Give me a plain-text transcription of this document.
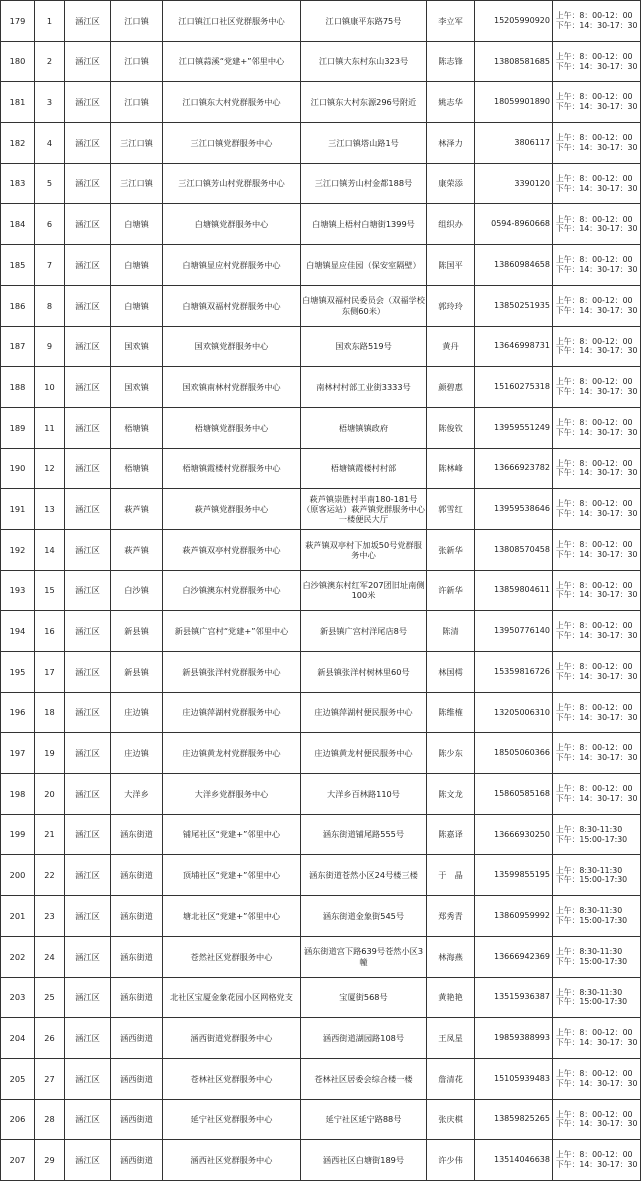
179	1	涵江区	江口镇	江口镇江口社区党群服务中心	江口镇康平东路75号	李立军	15205990920	上午：8：00-12：00
下午：14：30-17：30

180	2	涵江区	江口镇	江口镇蒜溪“党建+”邻里中心	江口镇大东村东山323号	陈志锋	13808581685	上午：8：00-12：00
下午：14：30-17：30

181	3	涵江区	江口镇	江口镇东大村党群服务中心	江口镇东大村东源296号附近	姚志华	18059901890	上午：8：00-12：00
下午：14：30-17：30

182	4	涵江区	三江口镇	三江口镇党群服务中心	三江口镇塔山路1号	林泽力	3806117	上午：8：00-12：00
下午：14：30-17：30

183	5	涵江区	三江口镇	三江口镇芳山村党群服务中心	三江口镇芳山村金都188号	康荣添	3390120	上午：8：00-12：00
下午：14：30-17：30

184	6	涵江区	白塘镇	白塘镇党群服务中心	白塘镇上梧村白塘街1399号	组织办	0594-8960668	上午：8：00-12：00
下午：14：30-17：30

185	7	涵江区	白塘镇	白塘镇显应村党群服务中心	白塘镇显应佳园（保安室隔壁）	陈国平	13860984658	上午：8：00-12：00
下午：14：30-17：30

186	8	涵江区	白塘镇	白塘镇双福村党群服务中心	白塘镇双福村民委员会（双福学校东侧60米）	郭玲玲	13850251935	上午：8：00-12：00
下午：14：30-17：30

187	9	涵江区	国欢镇	国欢镇党群服务中心	国欢东路519号	黄丹	13646998731	上午：8：00-12：00
下午：14：30-17：30

188	10	涵江区	国欢镇	国欢镇南林村党群服务中心	南林村村部工业街3333号	颜碧惠	15160275318	上午：8：00-12：00
下午：14：30-17：30

189	11	涵江区	梧塘镇	梧塘镇党群服务中心	梧塘镇镇政府	陈俊钦	13959551249	上午：8：00-12：00
下午：14：30-17：30

190	12	涵江区	梧塘镇	梧塘镇霞楼村党群服务中心	梧塘镇霞楼村村部	陈林峰	13666923782	上午：8：00-12：00
下午：14：30-17：30

191	13	涵江区	萩芦镇	萩芦镇党群服务中心	萩芦镇崇胜村半南180-181号（原客运站）萩芦镇党群服务中心一楼便民大厅	郭雪红	13959538646	上午：8：00-12：00
下午：14：30-17：30

192	14	涵江区	萩芦镇	萩芦镇双亭村党群服务中心	萩芦镇双亭村下加坂50号党群服务中心	张新华	13808570458	上午：8：00-12：00
下午：14：30-17：30

193	15	涵江区	白沙镇	白沙镇澳东村党群服务中心	白沙镇澳东村红军207团旧址南侧100米	许新华	13859804611	上午：8：00-12：00
下午：14：30-17：30

194	16	涵江区	新县镇	新县镇广宫村“党建+”邻里中心	新县镇广宫村洋尾店8号	陈清	13950776140	上午：8：00-12：00
下午：14：30-17：30

195	17	涵江区	新县镇	新县镇张洋村党群服务中心	新县镇张洋村树林里60号	林国樗	15359816726	上午：8：00-12：00
下午：14：30-17：30

196	18	涵江区	庄边镇	庄边镇萍湖村党群服务中心	庄边镇萍湖村便民服务中心	陈维榷	13205006310	上午：8：00-12：00
下午：14：30-17：30

197	19	涵江区	庄边镇	庄边镇黄龙村党群服务中心	庄边镇黄龙村便民服务中心	陈少东	18505060366	上午：8：00-12：00
下午：14：30-17：30

198	20	涵江区	大洋乡	大洋乡党群服务中心	大洋乡百林路110号	陈文龙	15860585168	上午：8：00-12：00
下午：14：30-17：30

199	21	涵江区	涵东街道	铺尾社区“党建+”邻里中心	涵东街道铺尾路555号	陈嘉译	13666930250	上午：8:30-11:30
下午：15:00-17:30

200	22	涵江区	涵东街道	顶埔社区“党建+”邻里中心	涵东街道苍然小区24号楼三楼	于　晶	13599855195	上午：8:30-11:30
下午：15:00-17:30

201	23	涵江区	涵东街道	塘北社区“党建+”邻里中心	涵东街道金象街545号	郑秀青	13860959992	上午：8:30-11:30
下午：15:00-17:30

202	24	涵江区	涵东街道	苍然社区党群服务中心	涵东街道宫下路639号苍然小区3幢	林海燕	13666942369	上午：8:30-11:30
下午：15:00-17:30

203	25	涵江区	涵东街道	北社区宝厦金象花园小区网格党支	宝厦街568号	黄艳艳	13515936387	上午：8:30-11:30
下午：15:00-17:30

204	26	涵江区	涵西街道	涵西街道党群服务中心	涵西街道湖园路108号	王凤星	19859388993	上午：8：00-12：00
下午：14：30-17：30

205	27	涵江区	涵西街道	苍林社区党群服务中心	苍林社区居委会综合楼一楼	詹清花	15105939483	上午：8：00-12：00
下午：14：30-17：30

206	28	涵江区	涵西街道	延宁社区党群服务中心	延宁社区延宁路88号	张庆棋	13859825265	上午：8：00-12：00
下午：14：30-17：30

207	29	涵江区	涵西街道	涵西社区党群服务中心	涵西社区白塘街189号	许少伟	13514046638	上午：8：00-12：00
下午：14：30-17：30
